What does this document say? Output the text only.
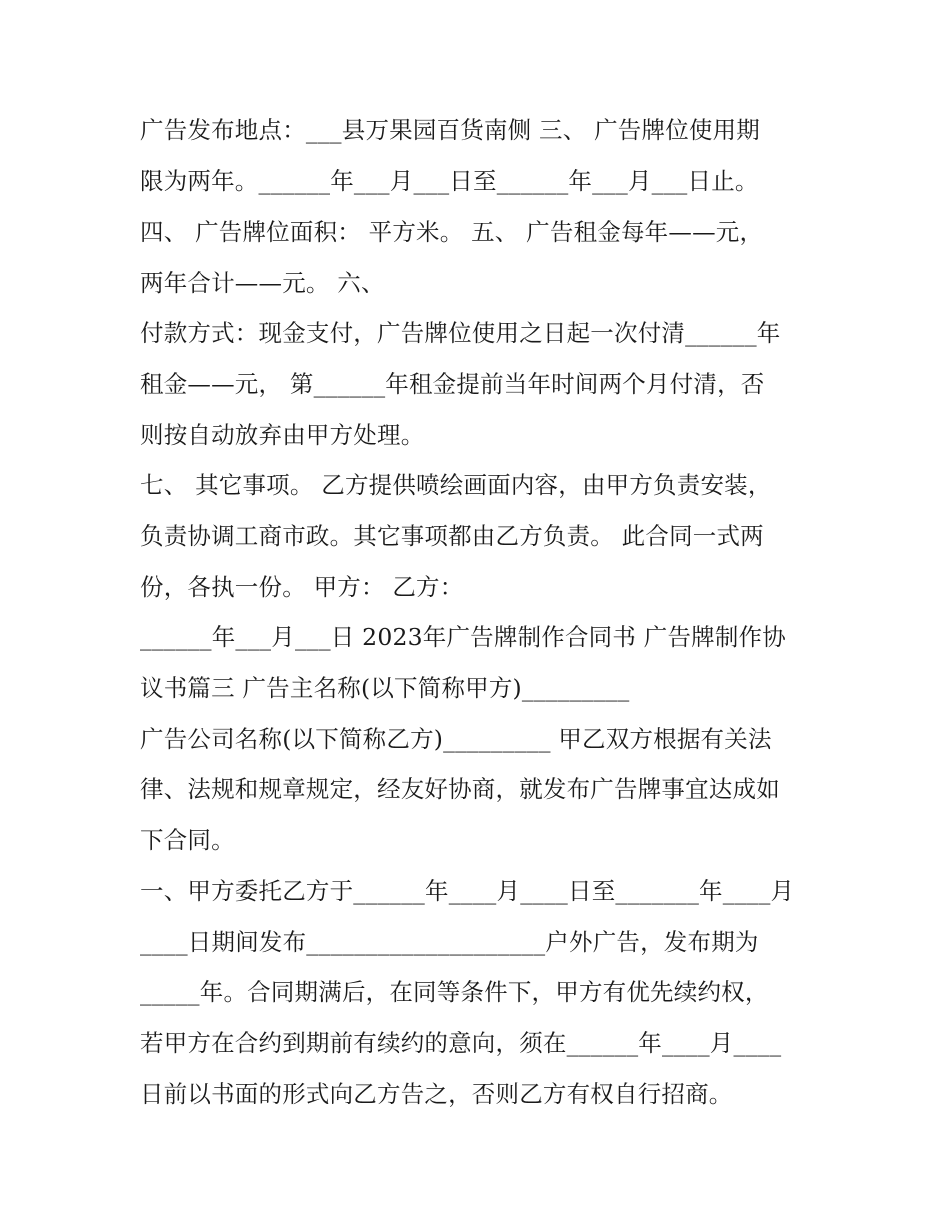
广告发布地点：___县万果园百货南侧 三、 广告牌位使用期
限为两年。______年___月___日至______年___月___日止。
四、 广告牌位面积： 平方米。 五、 广告租金每年——元，
两年合计——元。 六、
付款方式：现金支付，广告牌位使用之日起一次付清______年
租金——元， 第______年租金提前当年时间两个月付清，否
则按自动放弃由甲方处理。
七、 其它事项。 乙方提供喷绘画面内容，由甲方负责安装，
负责协调工商市政。其它事项都由乙方负责。 此合同一式两
份，各执一份。 甲方： 乙方：
______年___月___日 2023年广告牌制作合同书 广告牌制作协
议书篇三 广告主名称(以下简称甲方)_________
广告公司名称(以下简称乙方)_________ 甲乙双方根据有关法
律、法规和规章规定，经友好协商，就发布广告牌事宜达成如
下合同。
一、甲方委托乙方于______年____月____日至_______年____月
____日期间发布____________________户外广告，发布期为
_____年。合同期满后，在同等条件下，甲方有优先续约权，
若甲方在合约到期前有续约的意向，须在______年____月____
日前以书面的形式向乙方告之，否则乙方有权自行招商。
